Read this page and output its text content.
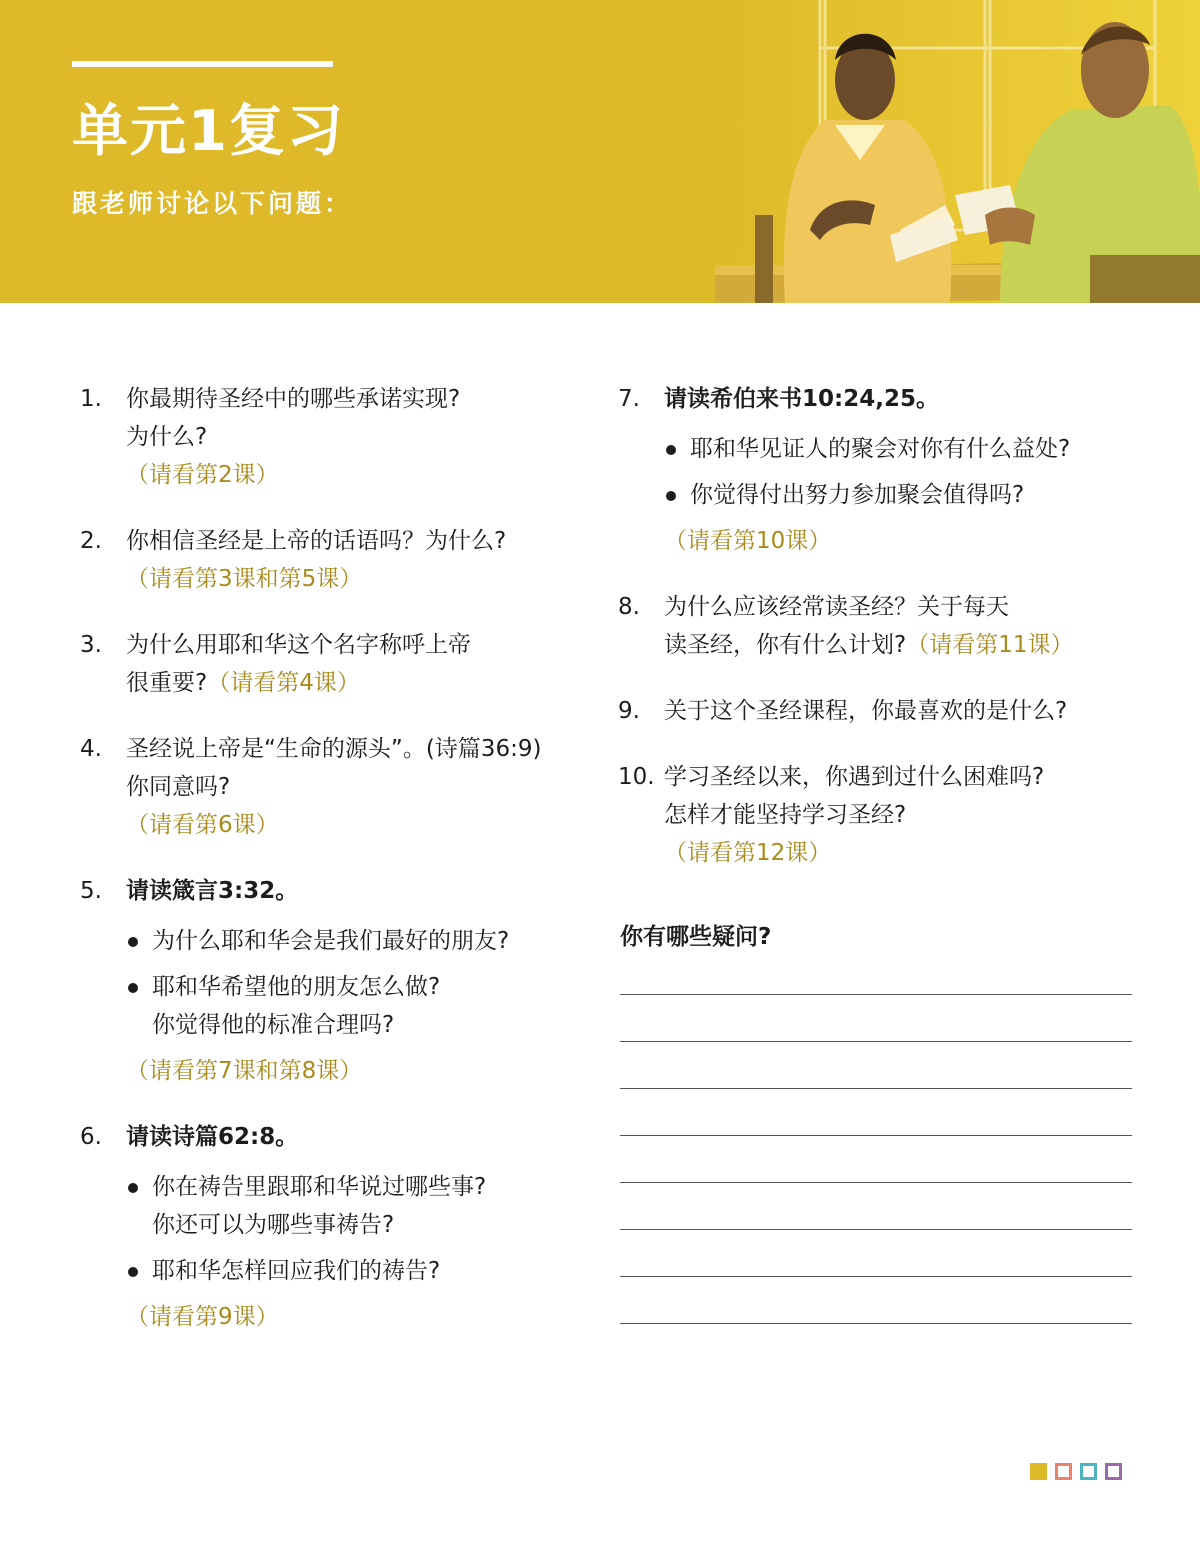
单元1复习

跟老师讨论以下问题：

1. 你最期待圣经中的哪些承诺实现?
为什么?
（请看第2课）
2. 你相信圣经是上帝的话语吗？为什么?
（请看第3课和第5课）
3. 为什么用耶和华这个名字称呼上帝
很重要?（请看第4课）
4. 圣经说上帝是“生命的源头”。(诗篇36:9)
你同意吗?
（请看第6课）
5. 请读箴言3:32。
为什么耶和华会是我们最好的朋友?
耶和华希望他的朋友怎么做?
你觉得他的标准合理吗?
（请看第7课和第8课）
6. 请读诗篇62:8。
你在祷告里跟耶和华说过哪些事?
你还可以为哪些事祷告?
耶和华怎样回应我们的祷告?
（请看第9课）
7. 请读希伯来书10:24,25。
耶和华见证人的聚会对你有什么益处?
你觉得付出努力参加聚会值得吗?
（请看第10课）
8. 为什么应该经常读圣经？关于每天
读圣经，你有什么计划?（请看第11课）
9. 关于这个圣经课程，你最喜欢的是什么?
10. 学习圣经以来，你遇到过什么困难吗?
怎样才能坚持学习圣经?
（请看第12课）
你有哪些疑问?
